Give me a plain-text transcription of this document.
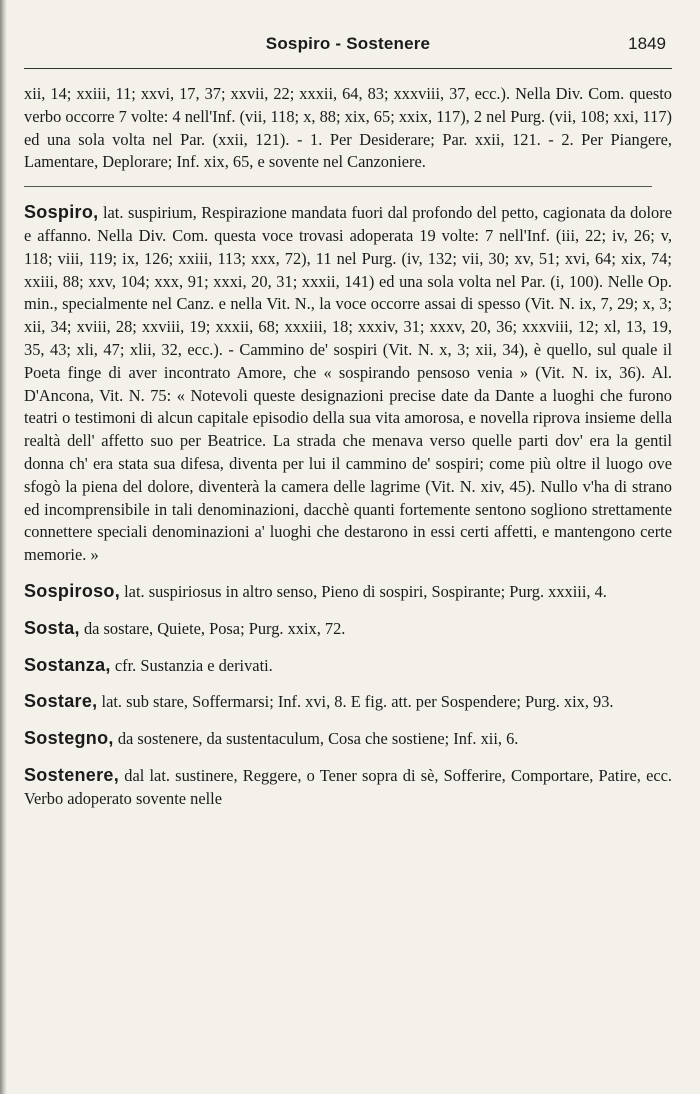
Sospiro - Sostenere	1849

xii, 14; xxiii, 11; xxvi, 17, 37; xxvii, 22; xxxii, 64, 83; xxxviii, 37, ecc.). Nella Div. Com. questo verbo occorre 7 volte: 4 nell'Inf. (vii, 118; x, 88; xix, 65; xxix, 117), 2 nel Purg. (vii, 108; xxi, 117) ed una sola volta nel Par. (xxii, 121). - 1. Per Desiderare; Par. xxii, 121. - 2. Per Piangere, Lamentare, Deplorare; Inf. xix, 65, e sovente nel Canzoniere.

Sospiro, lat. suspirium, Respirazione mandata fuori dal profondo del petto, cagionata da dolore e affanno. Nella Div. Com. questa voce trovasi adoperata 19 volte: 7 nell'Inf. (iii, 22; iv, 26; v, 118; viii, 119; ix, 126; xxiii, 113; xxx, 72), 11 nel Purg. (iv, 132; vii, 30; xv, 51; xvi, 64; xix, 74; xxiii, 88; xxv, 104; xxx, 91; xxxi, 20, 31; xxxii, 141) ed una sola volta nel Par. (i, 100). Nelle Op. min., specialmente nel Canz. e nella Vit. N., la voce occorre assai di spesso (Vit. N. ix, 7, 29; x, 3; xii, 34; xviii, 28; xxviii, 19; xxxii, 68; xxxiii, 18; xxxiv, 31; xxxv, 20, 36; xxxviii, 12; xl, 13, 19, 35, 43; xli, 47; xlii, 32, ecc.). - Cammino de' sospiri (Vit. N. x, 3; xii, 34), è quello, sul quale il Poeta finge di aver incontrato Amore, che « sospirando pensoso venia » (Vit. N. ix, 36). Al. D'Ancona, Vit. N. 75: « Notevoli queste designazioni precise date da Dante a luoghi che furono teatri o testimoni di alcun capitale episodio della sua vita amorosa, e novella riprova insieme della realtà dell' affetto suo per Beatrice. La strada che menava verso quelle parti dov' era la gentil donna ch' era stata sua difesa, diventa per lui il cammino de' sospiri; come più oltre il luogo ove sfogò la piena del dolore, diventerà la camera delle lagrime (Vit. N. xiv, 45). Nullo v'ha di strano ed incomprensibile in tali denominazioni, dacchè quanti fortemente sentono sogliono strettamente connettere speciali denominazioni a' luoghi che destarono in essi certi affetti, e mantengono certe memorie. »

Sospiroso, lat. suspiriosus in altro senso, Pieno di sospiri, Sospirante; Purg. xxxiii, 4.

Sosta, da sostare, Quiete, Posa; Purg. xxix, 72.

Sostanza, cfr. Sustanzia e derivati.

Sostare, lat. sub stare, Soffermarsi; Inf. xvi, 8. E fig. att. per Sospendere; Purg. xix, 93.

Sostegno, da sostenere, da sustentaculum, Cosa che sostiene; Inf. xii, 6.

Sostenere, dal lat. sustinere, Reggere, o Tener sopra di sè, Sofferire, Comportare, Patire, ecc. Verbo adoperato sovente nelle
